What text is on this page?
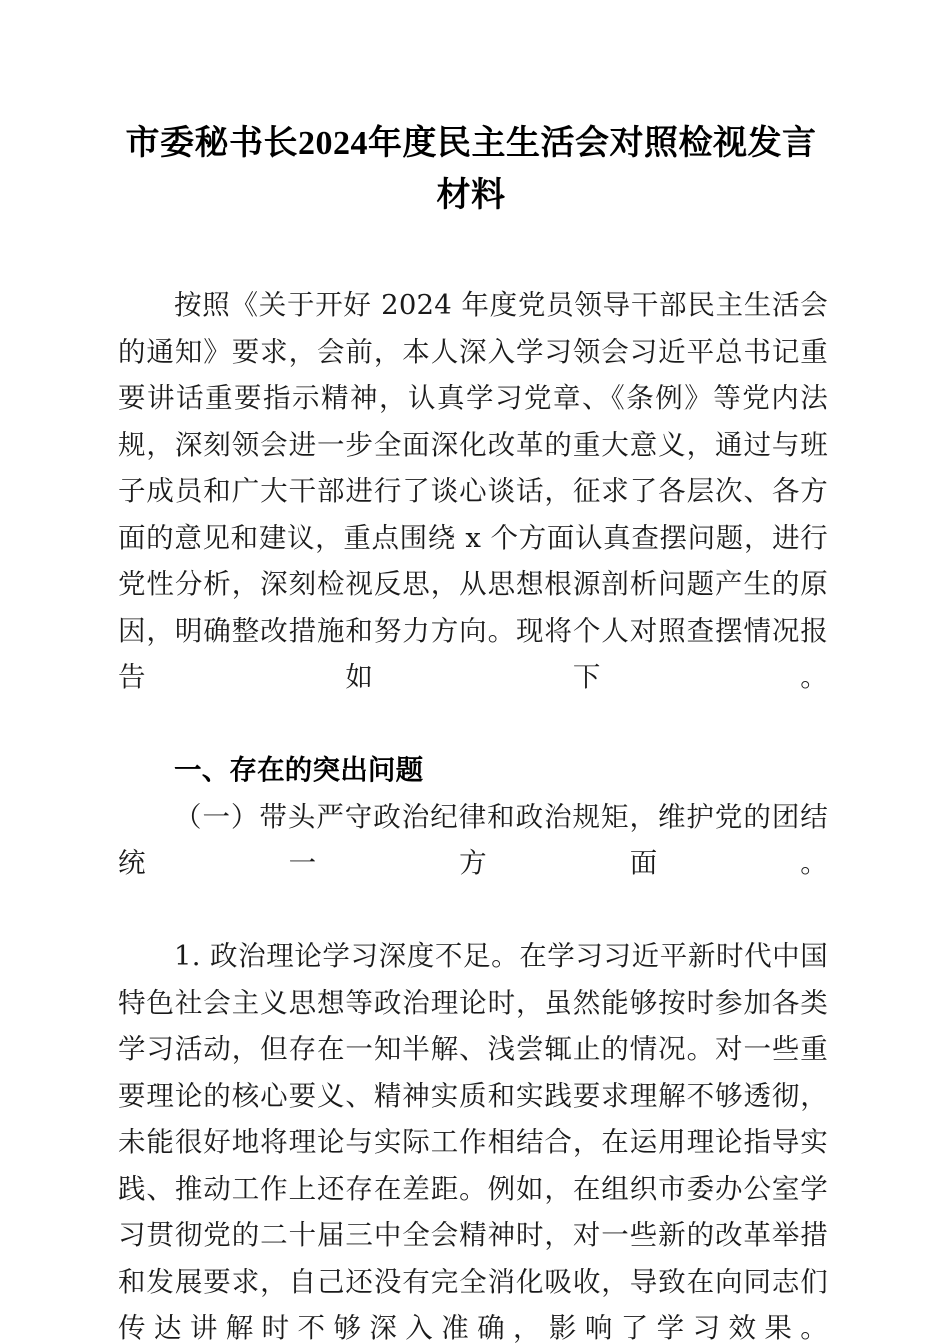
市委秘书长2024年度民主生活会对照检视发言材料

按照《关于开好 2024 年度党员领导干部民主生活会的通知》要求，会前，本人深入学习领会习近平总书记重要讲话重要指示精神，认真学习党章、《条例》等党内法规，深刻领会进一步全面深化改革的重大意义，通过与班子成员和广大干部进行了谈心谈话，征求了各层次、各方面的意见和建议，重点围绕 x 个方面认真查摆问题，进行党性分析，深刻检视反思，从思想根源剖析问题产生的原因，明确整改措施和努力方向。现将个人对照查摆情况报告如下。

一、存在的突出问题

（一）带头严守政治纪律和政治规矩，维护党的团结统一方面。

1. 政治理论学习深度不足。在学习习近平新时代中国特色社会主义思想等政治理论时，虽然能够按时参加各类学习活动，但存在一知半解、浅尝辄止的情况。对一些重要理论的核心要义、精神实质和实践要求理解不够透彻，未能很好地将理论与实际工作相结合，在运用理论指导实践、推动工作上还存在差距。例如，在组织市委办公室学习贯彻党的二十届三中全会精神时，对一些新的改革举措和发展要求，自己还没有完全消化吸收，导致在向同志们传达讲解时不够深入准确，影响了学习效果。
